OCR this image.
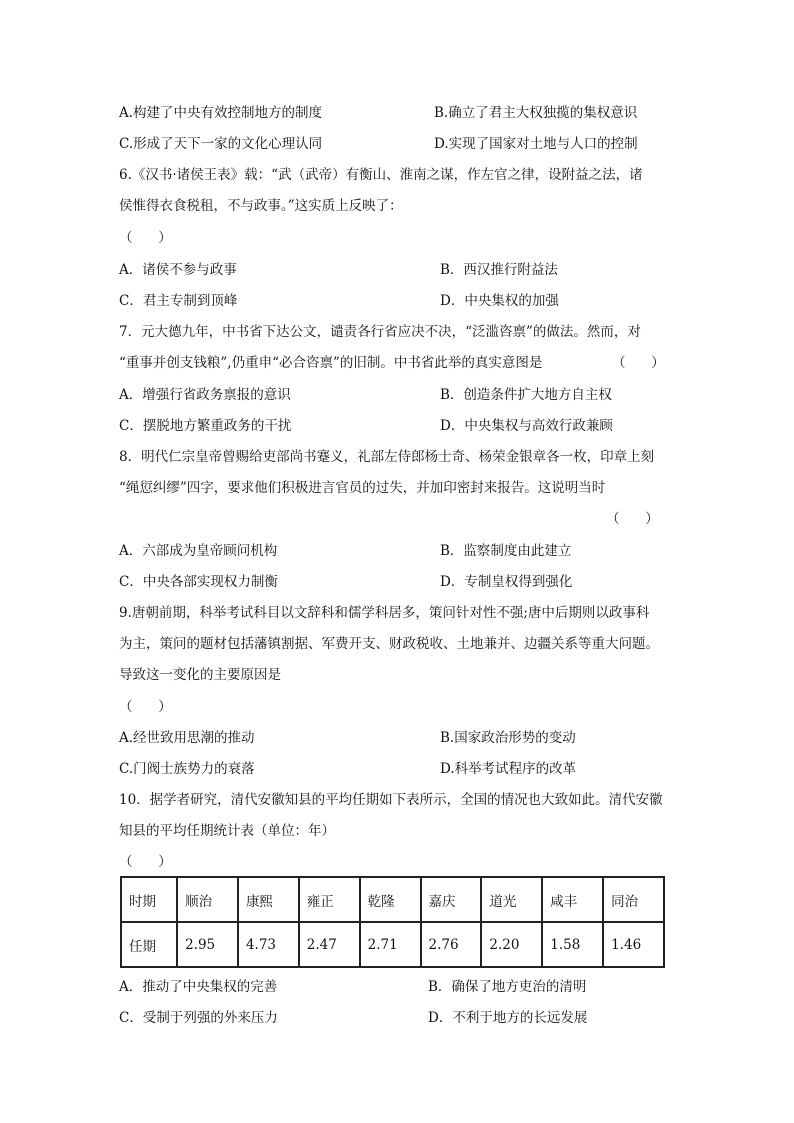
A.构建了中央有效控制地方的制度	B.确立了君主大权独揽的集权意识
C.形成了天下一家的文化心理认同	D.实现了国家对土地与人口的控制
6.《汉书·诸侯王表》载：“武（武帝）有衡山、淮南之谋，作左官之律，设附益之法，诸
侯惟得衣食税租，不与政事。”这实质上反映了：
（      ）
A．诸侯不参与政事	B．西汉推行附益法
C．君主专制到顶峰	D．中央集权的加强
7．元大德九年，中书省下达公文，谴责各行省应决不决，“泛滥咨禀”的做法。然而，对
“重事并创支钱粮”,仍重申“必合咨禀”的旧制。中书省此举的真实意图是	（      ）
A．增强行省政务禀报的意识	B．创造条件扩大地方自主权
C．摆脱地方繁重政务的干扰	D．中央集权与高效行政兼顾
8．明代仁宗皇帝曾赐给吏部尚书蹇义，礼部左侍郎杨士奇、杨荣金银章各一枚，印章上刻
“绳愆纠缪”四字，要求他们积极进言官员的过失，并加印密封来报告。这说明当时
（      ）
A．六部成为皇帝顾问机构	B．监察制度由此建立
C．中央各部实现权力制衡	D．专制皇权得到强化
9.唐朝前期，科举考试科目以文辞科和儒学科居多，策问针对性不强;唐中后期则以政事科
为主，策问的题材包括藩镇割据、军费开支、财政税收、土地兼并、边疆关系等重大问题。
导致这一变化的主要原因是
（      ）
A.经世致用思潮的推动	B.国家政治形势的变动
C.门阀士族势力的衰落	D.科举考试程序的改革
10．据学者研究，清代安徽知县的平均任期如下表所示，全国的情况也大致如此。清代安徽
知县的平均任期统计表（单位：年）
（      ）
时期	顺治	康熙	雍正	乾隆	嘉庆	道光	咸丰	同治
任期	2.95	4.73	2.47	2.71	2.76	2.20	1.58	1.46
A．推动了中央集权的完善	B．确保了地方吏治的清明
C．受制于列强的外来压力	D．不利于地方的长远发展
